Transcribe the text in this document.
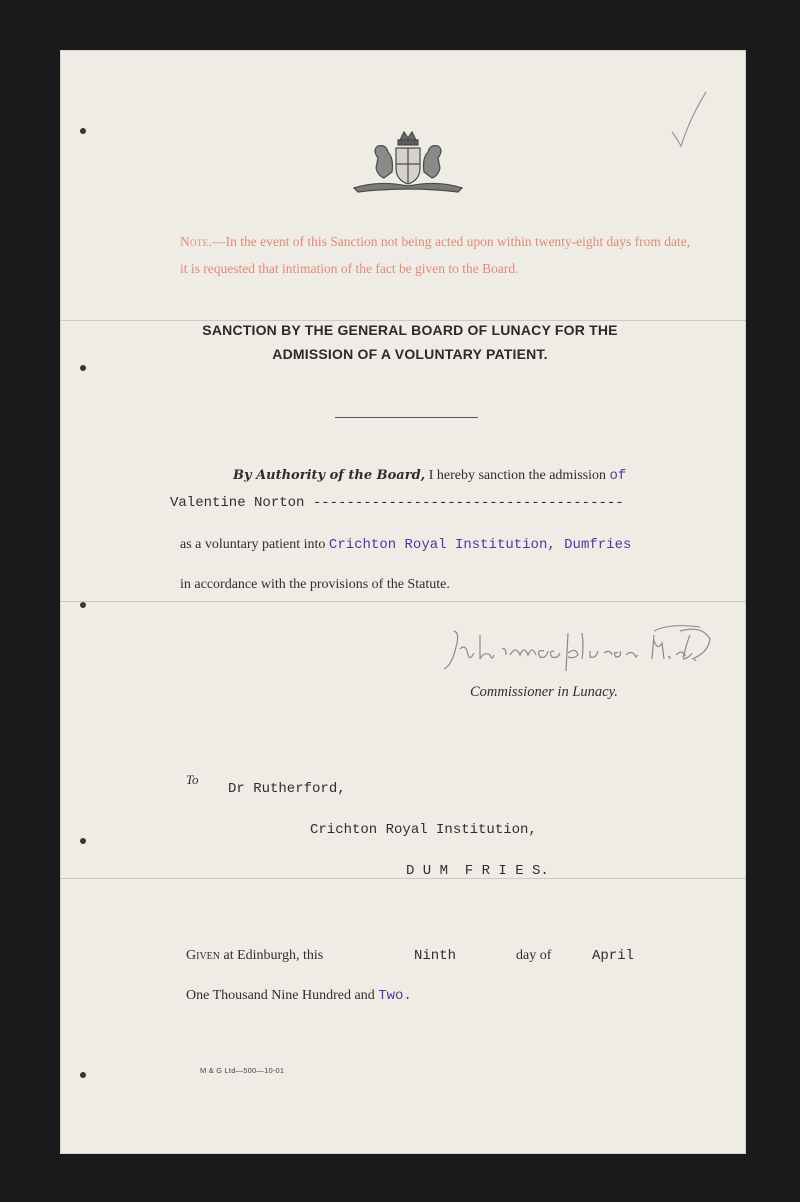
Note.—In the event of this Sanction not being acted upon within twenty-eight days from date, it is requested that intimation of the fact be given to the Board.
SANCTION BY THE GENERAL BOARD OF LUNACY FOR THE
ADMISSION OF A VOLUNTARY PATIENT.
By Authority of the Board, I hereby sanction the admission of
Valentine Norton -------------------------------------
as a voluntary patient into Crichton Royal Institution, Dumfries
in accordance with the provisions of the Statute.
Commissioner in Lunacy.
To
Dr Rutherford,
Crichton Royal Institution,
D U M  F R I E S.
Given at Edinburgh, this	Ninth	day of	April
One Thousand Nine Hundred and Two.
M & G Ltd—500—10-01
